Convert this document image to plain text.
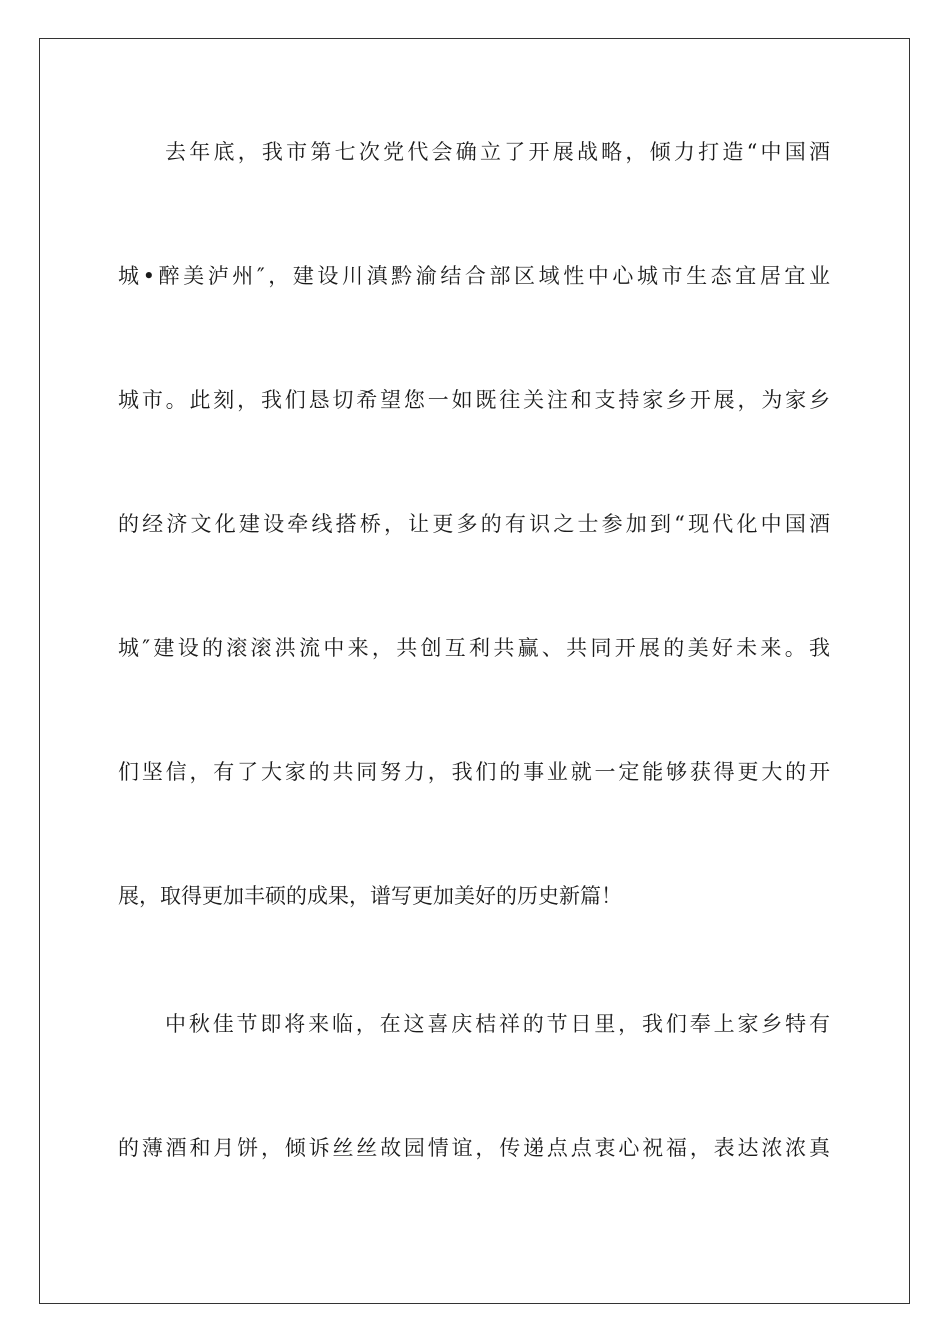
去年底，我市第七次党代会确立了开展战略，倾力打造“中国酒
城•醉美泸州″，建设川滇黔渝结合部区域性中心城市生态宜居宜业
城市。此刻，我们恳切希望您一如既往关注和支持家乡开展，为家乡
的经济文化建设牵线搭桥，让更多的有识之士参加到“现代化中国酒
城″建设的滚滚洪流中来，共创互利共赢、共同开展的美好未来。我
们坚信，有了大家的共同努力，我们的事业就一定能够获得更大的开
展，取得更加丰硕的成果，谱写更加美好的历史新篇！
中秋佳节即将来临，在这喜庆桔祥的节日里，我们奉上家乡特有
的薄酒和月饼，倾诉丝丝故园情谊，传递点点衷心祝福，表达浓浓真
